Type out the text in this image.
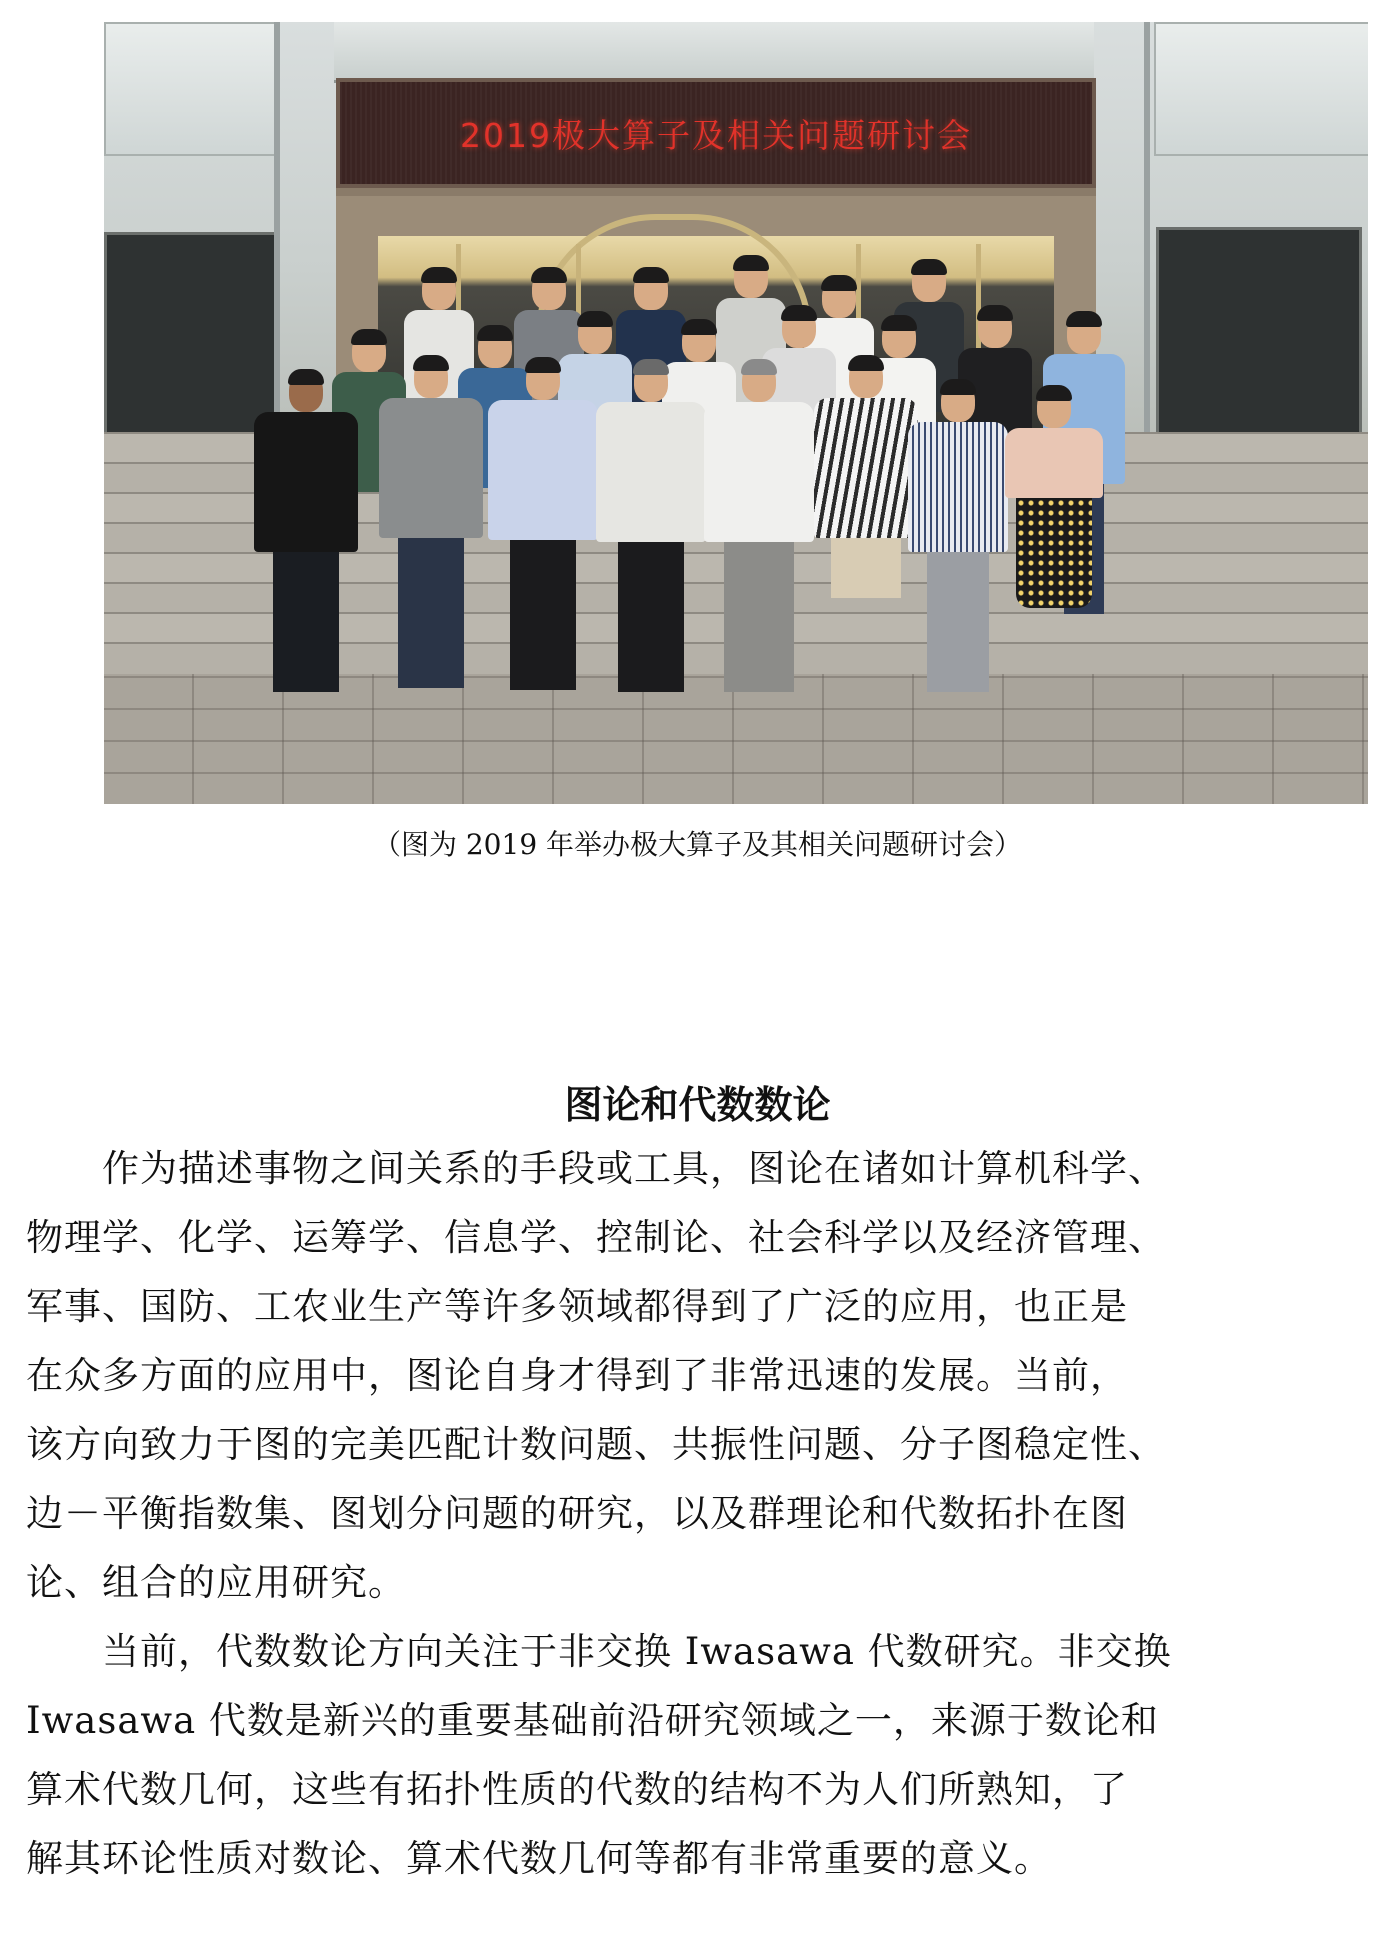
2019极大算子及相关问题研讨会
（图为 2019 年举办极大算子及其相关问题研讨会）
图论和代数数论
　　作为描述事物之间关系的手段或工具，图论在诸如计算机科学、
物理学、化学、运筹学、信息学、控制论、社会科学以及经济管理、
军事、国防、工农业生产等许多领域都得到了广泛的应用，也正是
在众多方面的应用中，图论自身才得到了非常迅速的发展。当前，
该方向致力于图的完美匹配计数问题、共振性问题、分子图稳定性、
边－平衡指数集、图划分问题的研究，以及群理论和代数拓扑在图
论、组合的应用研究。
　　当前，代数数论方向关注于非交换 Iwasawa 代数研究。非交换
Iwasawa 代数是新兴的重要基础前沿研究领域之一，来源于数论和
算术代数几何，这些有拓扑性质的代数的结构不为人们所熟知，了
解其环论性质对数论、算术代数几何等都有非常重要的意义。
